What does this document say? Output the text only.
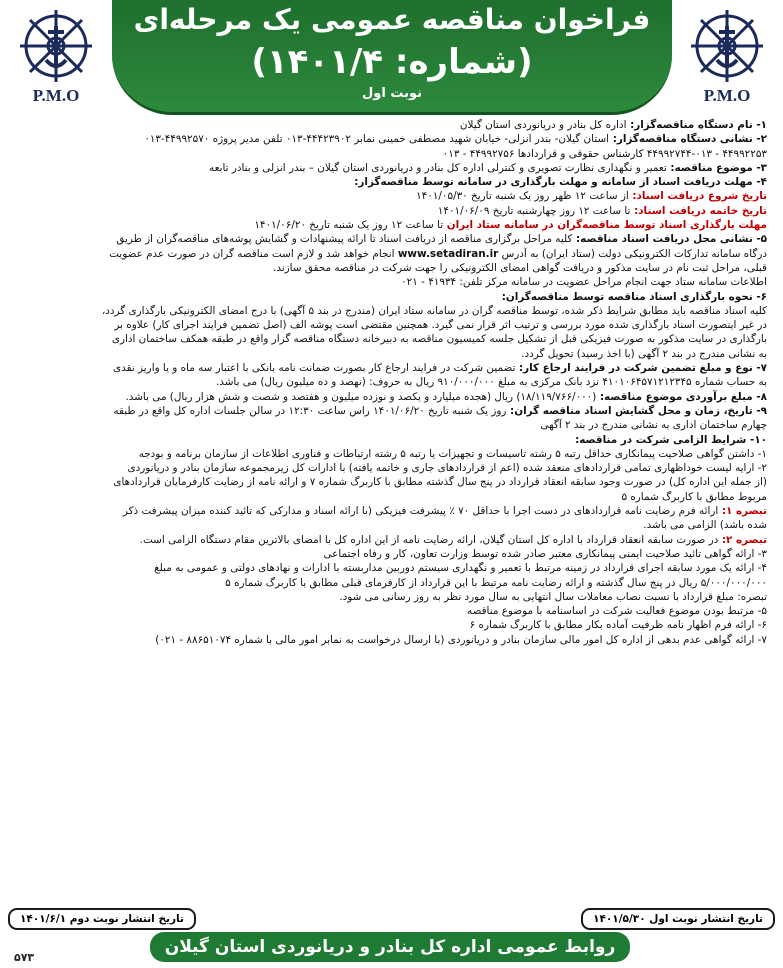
P.M.O
P.M.O
فراخوان مناقصه عمومی یک مرحله‌ای
(شماره: ۱۴۰۱/۴)
نوبت اول

۱- نام دستگاه مناقصه‌گزار: اداره کل بنادر و دریانوردی استان گیلان

۲- نشانی دستگاه مناقصه‌گزار: استان گیلان- بندر انزلی- خیابان شهید مصطفی خمینی نمابر ۴۴۴۲۳۹۰۲-۰۱۳ تلفن مدیر پروژه ۴۴۹۹۲۵۷۰-۰۱۳

۴۴۹۹۲۲۵۳ - ۴۴۹۹۲۷۴۴-۰۱۳ کارشناس حقوقی و قراردادها ۴۴۹۹۲۷۵۶ - ۰۱۳

۳- موضوع مناقصه: تعمیر و نگهداری نظارت تصویری و کنترلی اداره کل بنادر و دریانوردی استان گیلان – بندر انزلی و بنادر تابعه

۴- مهلت دریافت اسناد از سامانه و مهلت بارگذاری در سامانه توسط مناقصه‌گزار:

تاریخ شروع دریافت اسناد: از ساعت ۱۲ ظهر روز یک شنبه تاریخ ۱۴۰۱/۰۵/۳۰

تاریخ خاتمه دریافت اسناد: تا ساعت ۱۲ روز چهارشنبه تاریخ ۱۴۰۱/۰۶/۰۹

مهلت بارگذاری اسناد توسط مناقصه‌گران در سامانه ستاد ایران تا ساعت ۱۲ روز یک شنبه تاریخ ۱۴۰۱/۰۶/۲۰

۵- نشانی محل دریافت اسناد مناقصه: کلیه مراحل برگزاری مناقصه از دریافت اسناد تا ارائه پیشنهادات و گشایش پوشه‌های مناقصه‌گران از طریق

درگاه سامانه تدارکات الکترونیکی دولت (ستاد ایران) به آدرس www.setadiran.ir انجام خواهد شد و لازم است مناقصه گران در صورت عدم عضویت

قبلی، مراحل ثبت نام در سایت مذکور و دریافت گواهی امضای الکترونیکی را جهت شرکت در مناقصه محقق سازند.

اطلاعات سامانه ستاد جهت انجام مراحل عضویت در سامانه مرکز تلفن: ۴۱۹۳۴ - ۰۲۱

۶- نحوه بارگذاری اسناد مناقصه توسط مناقصه‌گران:

کلیه اسناد مناقصه باید مطابق شرایط ذکر شده، توسط مناقصه گران در سامانه ستاد ایران (مندرج در بند ۵ آگهی) با درج امضای الکترونیکی بارگذاری گردد،

در غیر اینصورت اسناد بارگذاری شده مورد بررسی و ترتیب اثر قرار نمی گیرد. همچنین مقتضی است پوشه الف (اصل تضمین فرایند اجرای کار) علاوه بر

بارگذاری در سایت مذکور به صورت فیزیکی قبل از تشکیل جلسه کمیسیون مناقصه به دبیرخانه دستگاه مناقصه گزار واقع در طبقه همکف ساختمان اداری

به نشانی مندرج در بند ۲ آگهی (با اخذ رسید) تحویل گردد.

۷- نوع و مبلغ تضمین شرکت در فرایند ارجاع کار: تضمین شرکت در فرایند ارجاع کار بصورت ضمانت نامه بانکی با اعتبار سه ماه و یا واریز نقدی

به حساب شماره ۴۱۰۱۰۶۴۵۷۱۲۱۲۳۴۵ نزد بانک مرکزی به مبلغ ۹۱۰/۰۰۰/۰۰۰ ریال به حروف: (نهصد و ده میلیون ریال) می باشد.

۸- مبلغ برآوردی موضوع مناقصه: (۱۸/۱۱۹/۷۶۶/۰۰۰) ریال (هجده میلیارد و یکصد و نوزده میلیون و هفتصد و شصت و شش هزار ریال) می باشد.

۹- تاریخ، زمان و محل گشایش اسناد مناقصه گران: روز یک شنبه تاریخ ۱۴۰۱/۰۶/۲۰ راس ساعت ۱۲:۳۰ در سالن جلسات اداره کل واقع در طبقه

چهارم ساختمان اداری به نشانی مندرج در بند ۲ آگهی

۱۰- شرایط الزامی شرکت در مناقصه:

۱- داشتن گواهی صلاحیت پیمانکاری حداقل رتبه ۵ رشته تاسیسات و تجهیزات یا رتبه ۵ رشته ارتباطات و فناوری اطلاعات از سازمان برنامه و بودجه

۲- ارایه لیست خوداظهاری تمامی قراردادهای منعقد شده (اعم از قراردادهای جاری و خاتمه یافته) با ادارات کل زیرمجموعه سازمان بنادر و دریانوردی

(از جمله این اداره کل) در صورت وجود سابقه انعقاد قرارداد در پنج سال گذشته مطابق با کاربرگ شماره ۷ و ارائه نامه از رضایت کارفرمایان قراردادهای

مربوط مطابق با کاربرگ شماره ۵

تبصره ۱: ارائه فرم رضایت نامه قراردادهای در دست اجرا با حداقل ۷۰ ٪ پیشرفت فیزیکی (با ارائه اسناد و مدارکی که تائید کننده میزان پیشرفت ذکر

شده باشد) الزامی می باشد.

تبصره ۲: در صورت سابقه انعقاد قرارداد با اداره کل استان گیلان، ارائه رضایت نامه از این اداره کل با امضای بالاترین مقام دستگاه الزامی است.

۳- ارائه گواهی تائید صلاحیت ایمنی پیمانکاری معتبر صادر شده توسط وزارت تعاون، کار و رفاه اجتماعی

۴- ارائه یک مورد سابقه اجرای قرارداد در زمینه مرتبط با تعمیر و نگهداری سیستم دوربین مداربسته با ادارات و نهادهای دولتی و عمومی به مبلغ

۵/۰۰۰/۰۰۰/۰۰۰ ریال در پنج سال گذشته و ارائه رضایت نامه مرتبط با این قرارداد از کارفرمای قبلی مطابق با کاربرگ شماره ۵

تبصره: مبلغ قرارداد با نسبت نصاب معاملات سال انتهایی به سال مورد نظر به روز رسانی می شود.

۵- مرتبط بودن موضوع فعالیت شرکت در اساسنامه با موضوع مناقصه

۶- ارائه فرم اظهار نامه ظرفیت آماده بکار مطابق با کاربرگ شماره ۶

۷- ارائه گواهی عدم بدهی از اداره کل امور مالی سازمان بنادر و دریانوردی (با ارسال درخواست به نمابر امور مالی با شماره ۸۸۶۵۱۰۷۴ - ۰۲۱)

تاریخ انتشار نوبت اول ۱۴۰۱/۵/۳۰
تاریخ انتشار نوبت دوم ۱۴۰۱/۶/۱
روابط عمومی اداره کل بنادر و دریانوردی استان گیلان
۵۷۳
